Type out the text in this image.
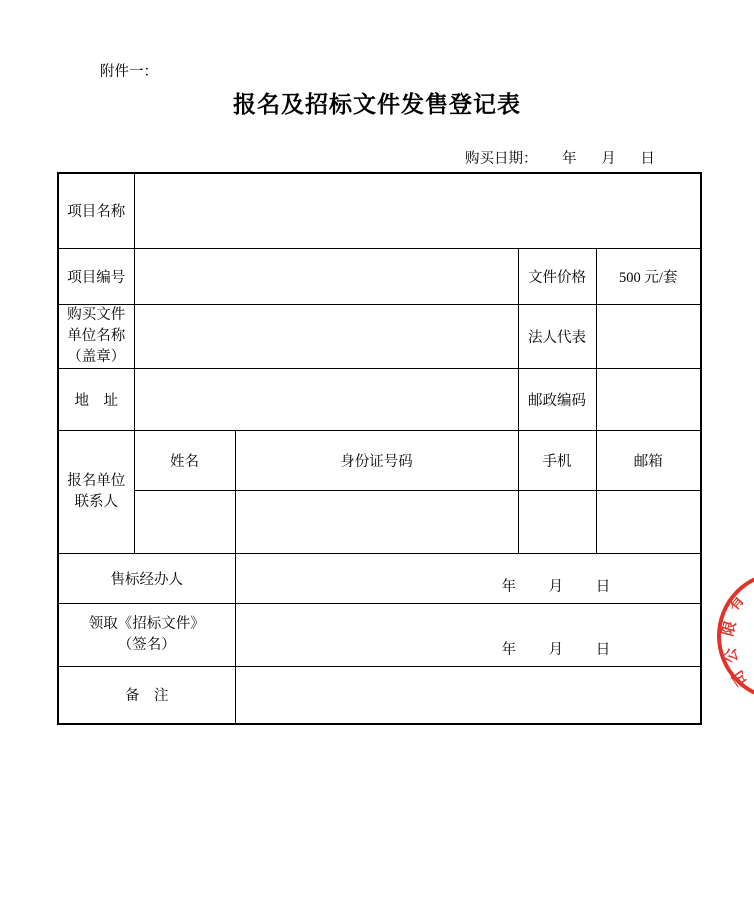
附件一：
报名及招标文件发售登记表
购买日期： 年 月 日
项目名称				
项目编号			文件价格	500 元/套

购买文件
单位名称
（盖章）			法人代表	
地　址			邮政编码	

报名单位
联系人	姓名	身份证号码	手机	邮箱

售标经办人		年 月 日		

领取《招标文件》
（签名）		年 月 日		

备　注				
有
限
公
司
